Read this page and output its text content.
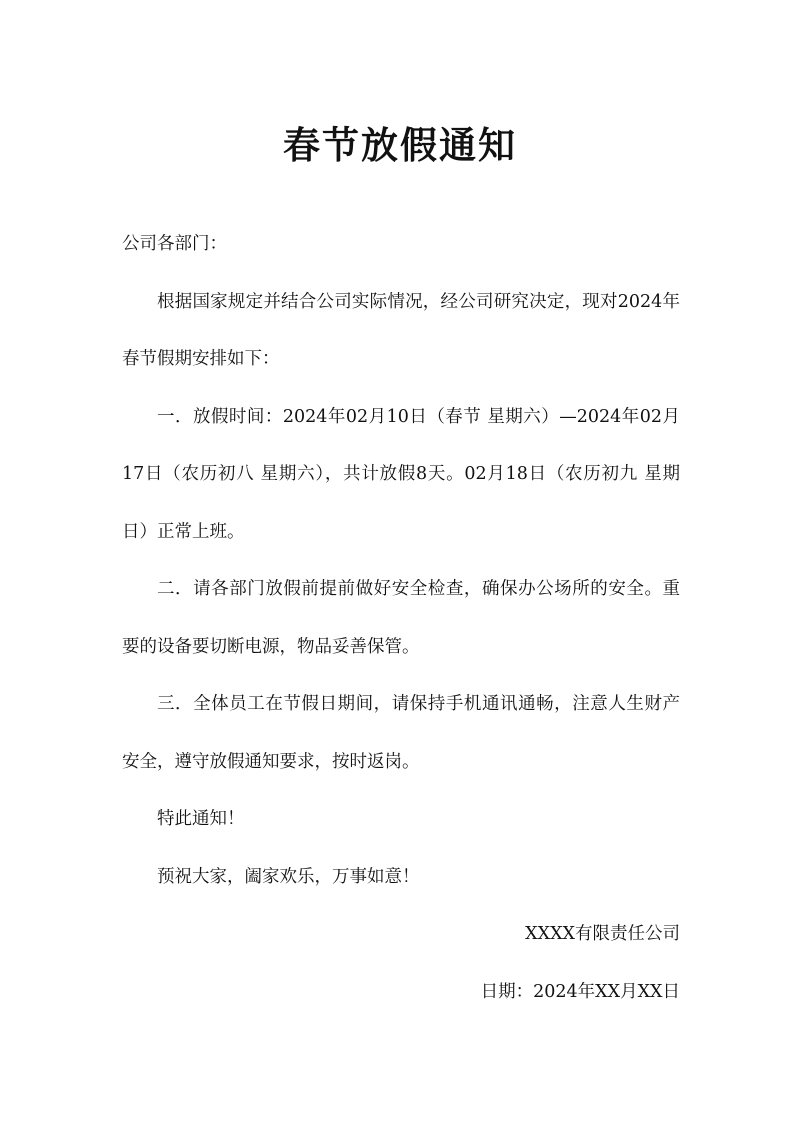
春节放假通知

公司各部门：

根据国家规定并结合公司实际情况，经公司研究决定，现对2024年春节假期安排如下：

一．放假时间：2024年02月10日（春节 星期六）—2024年02月17日（农历初八 星期六），共计放假8天。02月18日（农历初九 星期日）正常上班。

二．请各部门放假前提前做好安全检查，确保办公场所的安全。重要的设备要切断电源，物品妥善保管。

三．全体员工在节假日期间，请保持手机通讯通畅，注意人生财产安全，遵守放假通知要求，按时返岗。

特此通知！

预祝大家，阖家欢乐，万事如意！

XXXX有限责任公司

日期：2024年XX月XX日
